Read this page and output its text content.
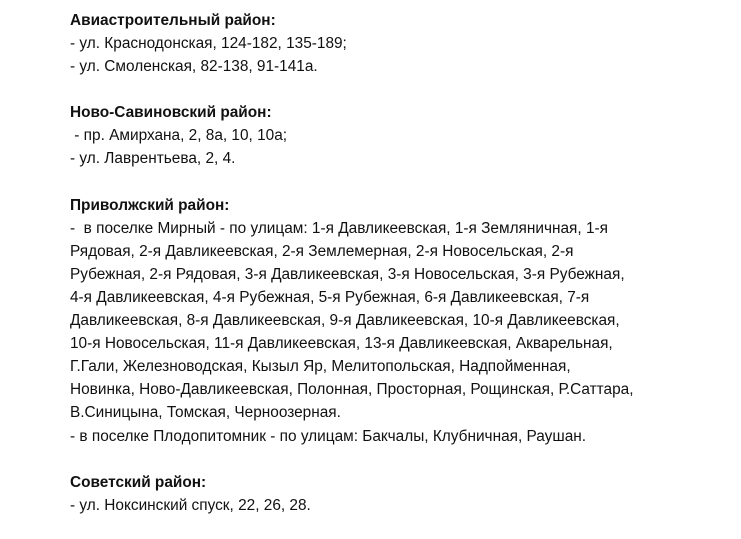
Авиастроительный район:
- ул. Краснодонская, 124-182, 135-189;
- ул. Смоленская, 82-138, 91-141а.
Ново-Савиновский район:
- пр. Амирхана, 2, 8а, 10, 10а;
- ул. Лаврентьева, 2, 4.
Приволжский район:
-  в поселке Мирный - по улицам: 1-я Давликеевская, 1-я Земляничная, 1-я
Рядовая, 2-я Давликеевская, 2-я Землемерная, 2-я Новосельская, 2-я
Рубежная, 2-я Рядовая, 3-я Давликеевская, 3-я Новосельская, 3-я Рубежная,
4-я Давликеевская, 4-я Рубежная, 5-я Рубежная, 6-я Давликеевская, 7-я
Давликеевская, 8-я Давликеевская, 9-я Давликеевская, 10-я Давликеевская,
10-я Новосельская, 11-я Давликеевская, 13-я Давликеевская, Акварельная,
Г.Гали, Железноводская, Кызыл Яр, Мелитопольская, Надпойменная,
Новинка, Ново-Давликеевская, Полонная, Просторная, Рощинская, Р.Саттара,
В.Синицына, Томская, Черноозерная.
- в поселке Плодопитомник - по улицам: Бакчалы, Клубничная, Раушан.
Советский район:
- ул. Ноксинский спуск, 22, 26, 28.
